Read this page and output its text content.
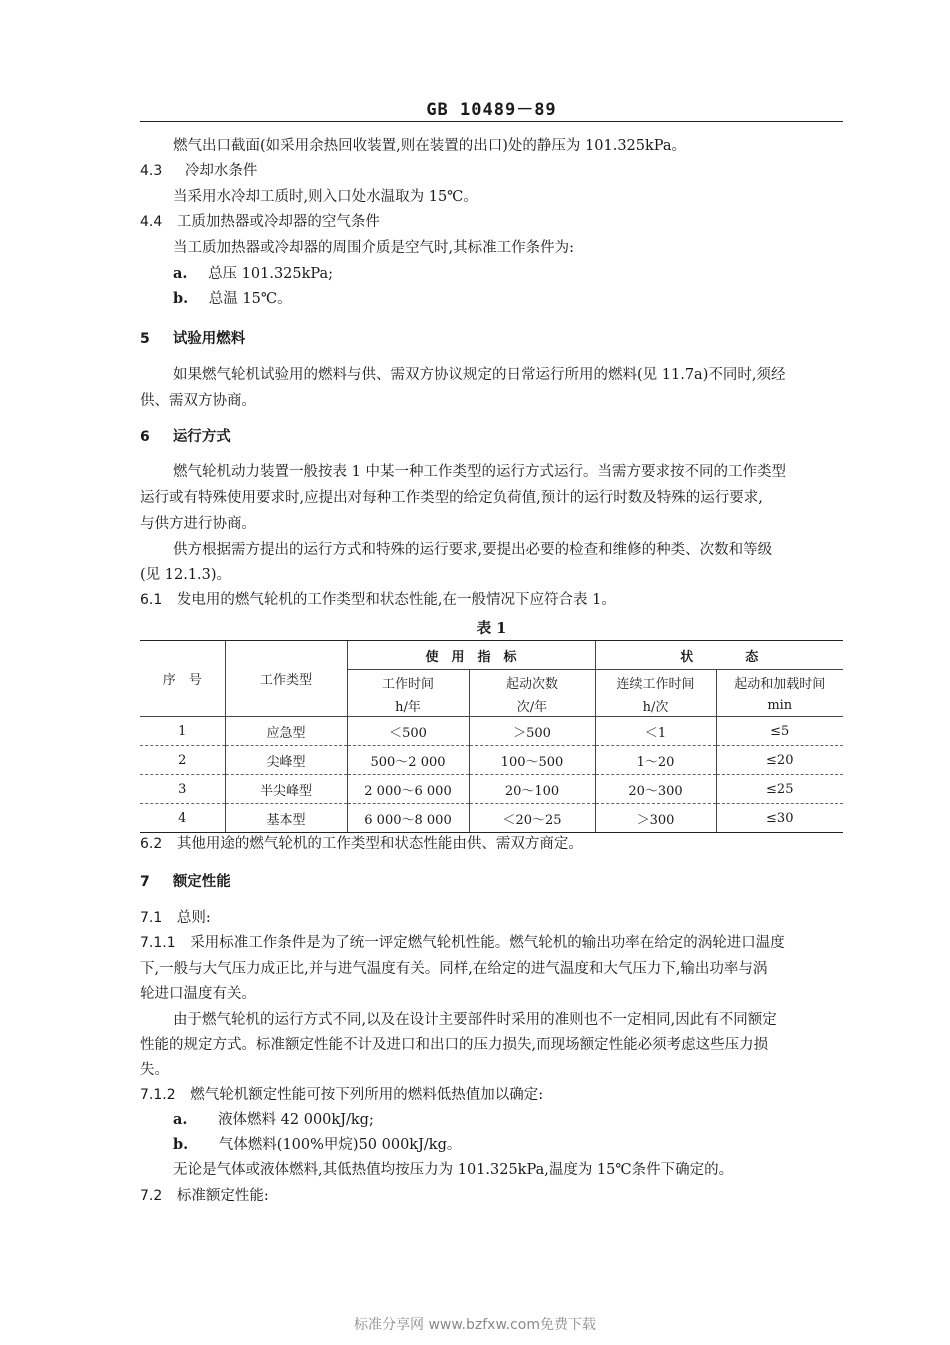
GB 10489－89
燃气出口截面(如采用余热回收装置,则在装置的出口)处的静压为 101.325kPa。
4.3 冷却水条件
当采用水冷却工质时,则入口处水温取为 15℃。
4.4 工质加热器或冷却器的空气条件
当工质加热器或冷却器的周围介质是空气时,其标准工作条件为:
a. 总压 101.325kPa;
b. 总温 15℃。
5 试验用燃料
如果燃气轮机试验用的燃料与供、需双方协议规定的日常运行所用的燃料(见 11.7a)不同时,须经
供、需双方协商。
6 运行方式
燃气轮机动力装置一般按表 1 中某一种工作类型的运行方式运行。当需方要求按不同的工作类型
运行或有特殊使用要求时,应提出对每种工作类型的给定负荷值,预计的运行时数及特殊的运行要求,
与供方进行协商。
供方根据需方提出的运行方式和特殊的运行要求,要提出必要的检查和维修的种类、次数和等级
(见 12.1.3)。
6.1 发电用的燃气轮机的工作类型和状态性能,在一般情况下应符合表 1。
表 1
序　号	工作类型	使　用　指　标		状　　　　态	
		工作时间	起动次数	连续工作时间	起动和加载时间
		h/年	次/年	h/次	min
1	应急型	＜500	＞500	＜1	≤5
2	尖峰型	500～2 000	100～500	1～20	≤20
3	半尖峰型	2 000～6 000	20～100	20～300	≤25
4	基本型	6 000～8 000	＜20～25	＞300	≤30
6.2 其他用途的燃气轮机的工作类型和状态性能由供、需双方商定。
7 额定性能
7.1 总则:
7.1.1 采用标准工作条件是为了统一评定燃气轮机性能。燃气轮机的输出功率在给定的涡轮进口温度
下,一般与大气压力成正比,并与进气温度有关。同样,在给定的进气温度和大气压力下,输出功率与涡
轮进口温度有关。
由于燃气轮机的运行方式不同,以及在设计主要部件时采用的准则也不一定相同,因此有不同额定
性能的规定方式。标准额定性能不计及进口和出口的压力损失,而现场额定性能必须考虑这些压力损
失。
7.1.2 燃气轮机额定性能可按下列所用的燃料低热值加以确定:
a. 液体燃料 42 000kJ/kg;
b. 气体燃料(100%甲烷)50 000kJ/kg。
无论是气体或液体燃料,其低热值均按压力为 101.325kPa,温度为 15℃条件下确定的。
7.2 标准额定性能:
标准分享网 www.bzfxw.com免费下载
